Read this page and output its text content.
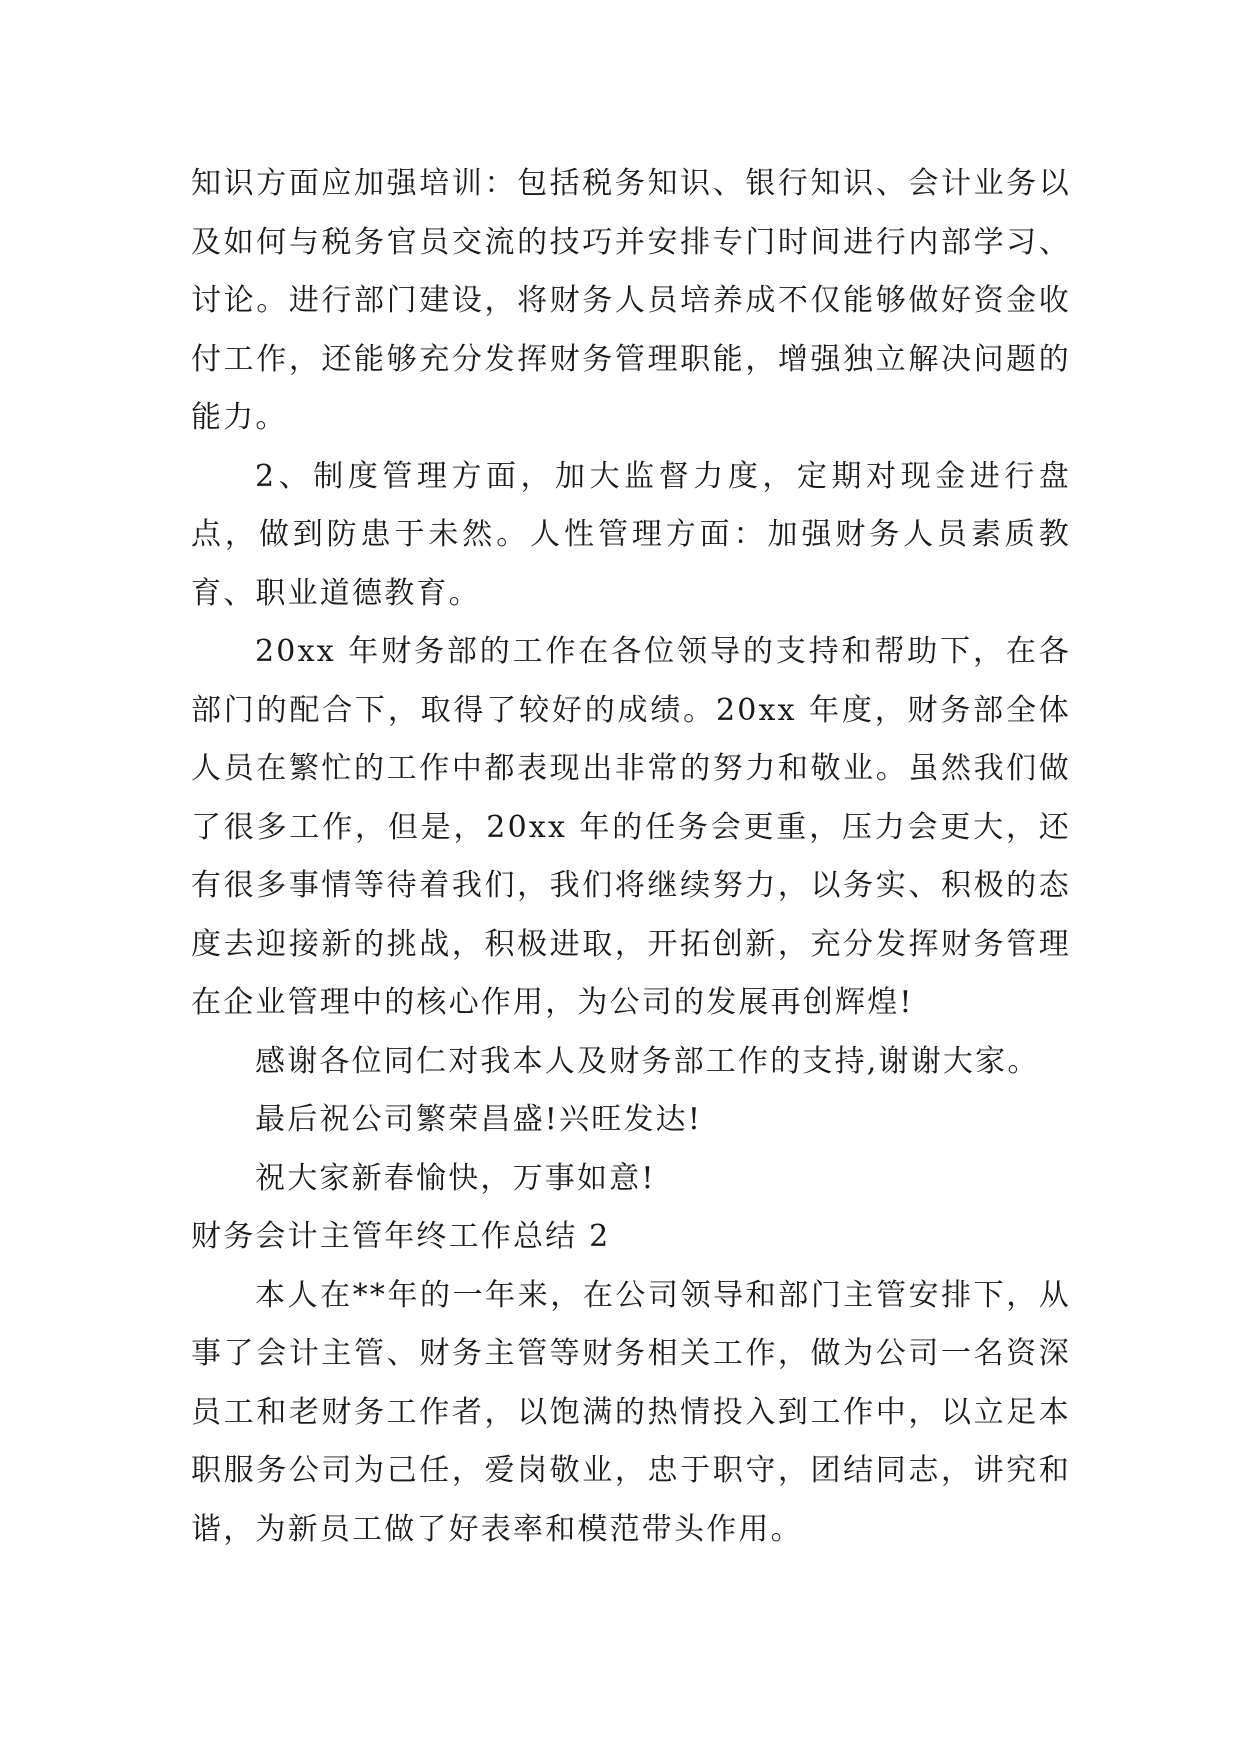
知识方面应加强培训：包括税务知识、银行知识、会计业务以及如何与税务官员交流的技巧并安排专门时间进行内部学习、讨论。进行部门建设，将财务人员培养成不仅能够做好资金收付工作，还能够充分发挥财务管理职能，增强独立解决问题的能力。

2、制度管理方面，加大监督力度，定期对现金进行盘点，做到防患于未然。人性管理方面：加强财务人员素质教育、职业道德教育。

20xx 年财务部的工作在各位领导的支持和帮助下，在各部门的配合下，取得了较好的成绩。20xx 年度，财务部全体人员在繁忙的工作中都表现出非常的努力和敬业。虽然我们做了很多工作，但是，20xx 年的任务会更重，压力会更大，还有很多事情等待着我们，我们将继续努力，以务实、积极的态度去迎接新的挑战，积极进取，开拓创新，充分发挥财务管理在企业管理中的核心作用，为公司的发展再创辉煌!

感谢各位同仁对我本人及财务部工作的支持,谢谢大家。

最后祝公司繁荣昌盛!兴旺发达!

祝大家新春愉快，万事如意!

财务会计主管年终工作总结 2

本人在**年的一年来，在公司领导和部门主管安排下，从事了会计主管、财务主管等财务相关工作，做为公司一名资深员工和老财务工作者，以饱满的热情投入到工作中，以立足本职服务公司为己任，爱岗敬业，忠于职守，团结同志，讲究和谐，为新员工做了好表率和模范带头作用。
